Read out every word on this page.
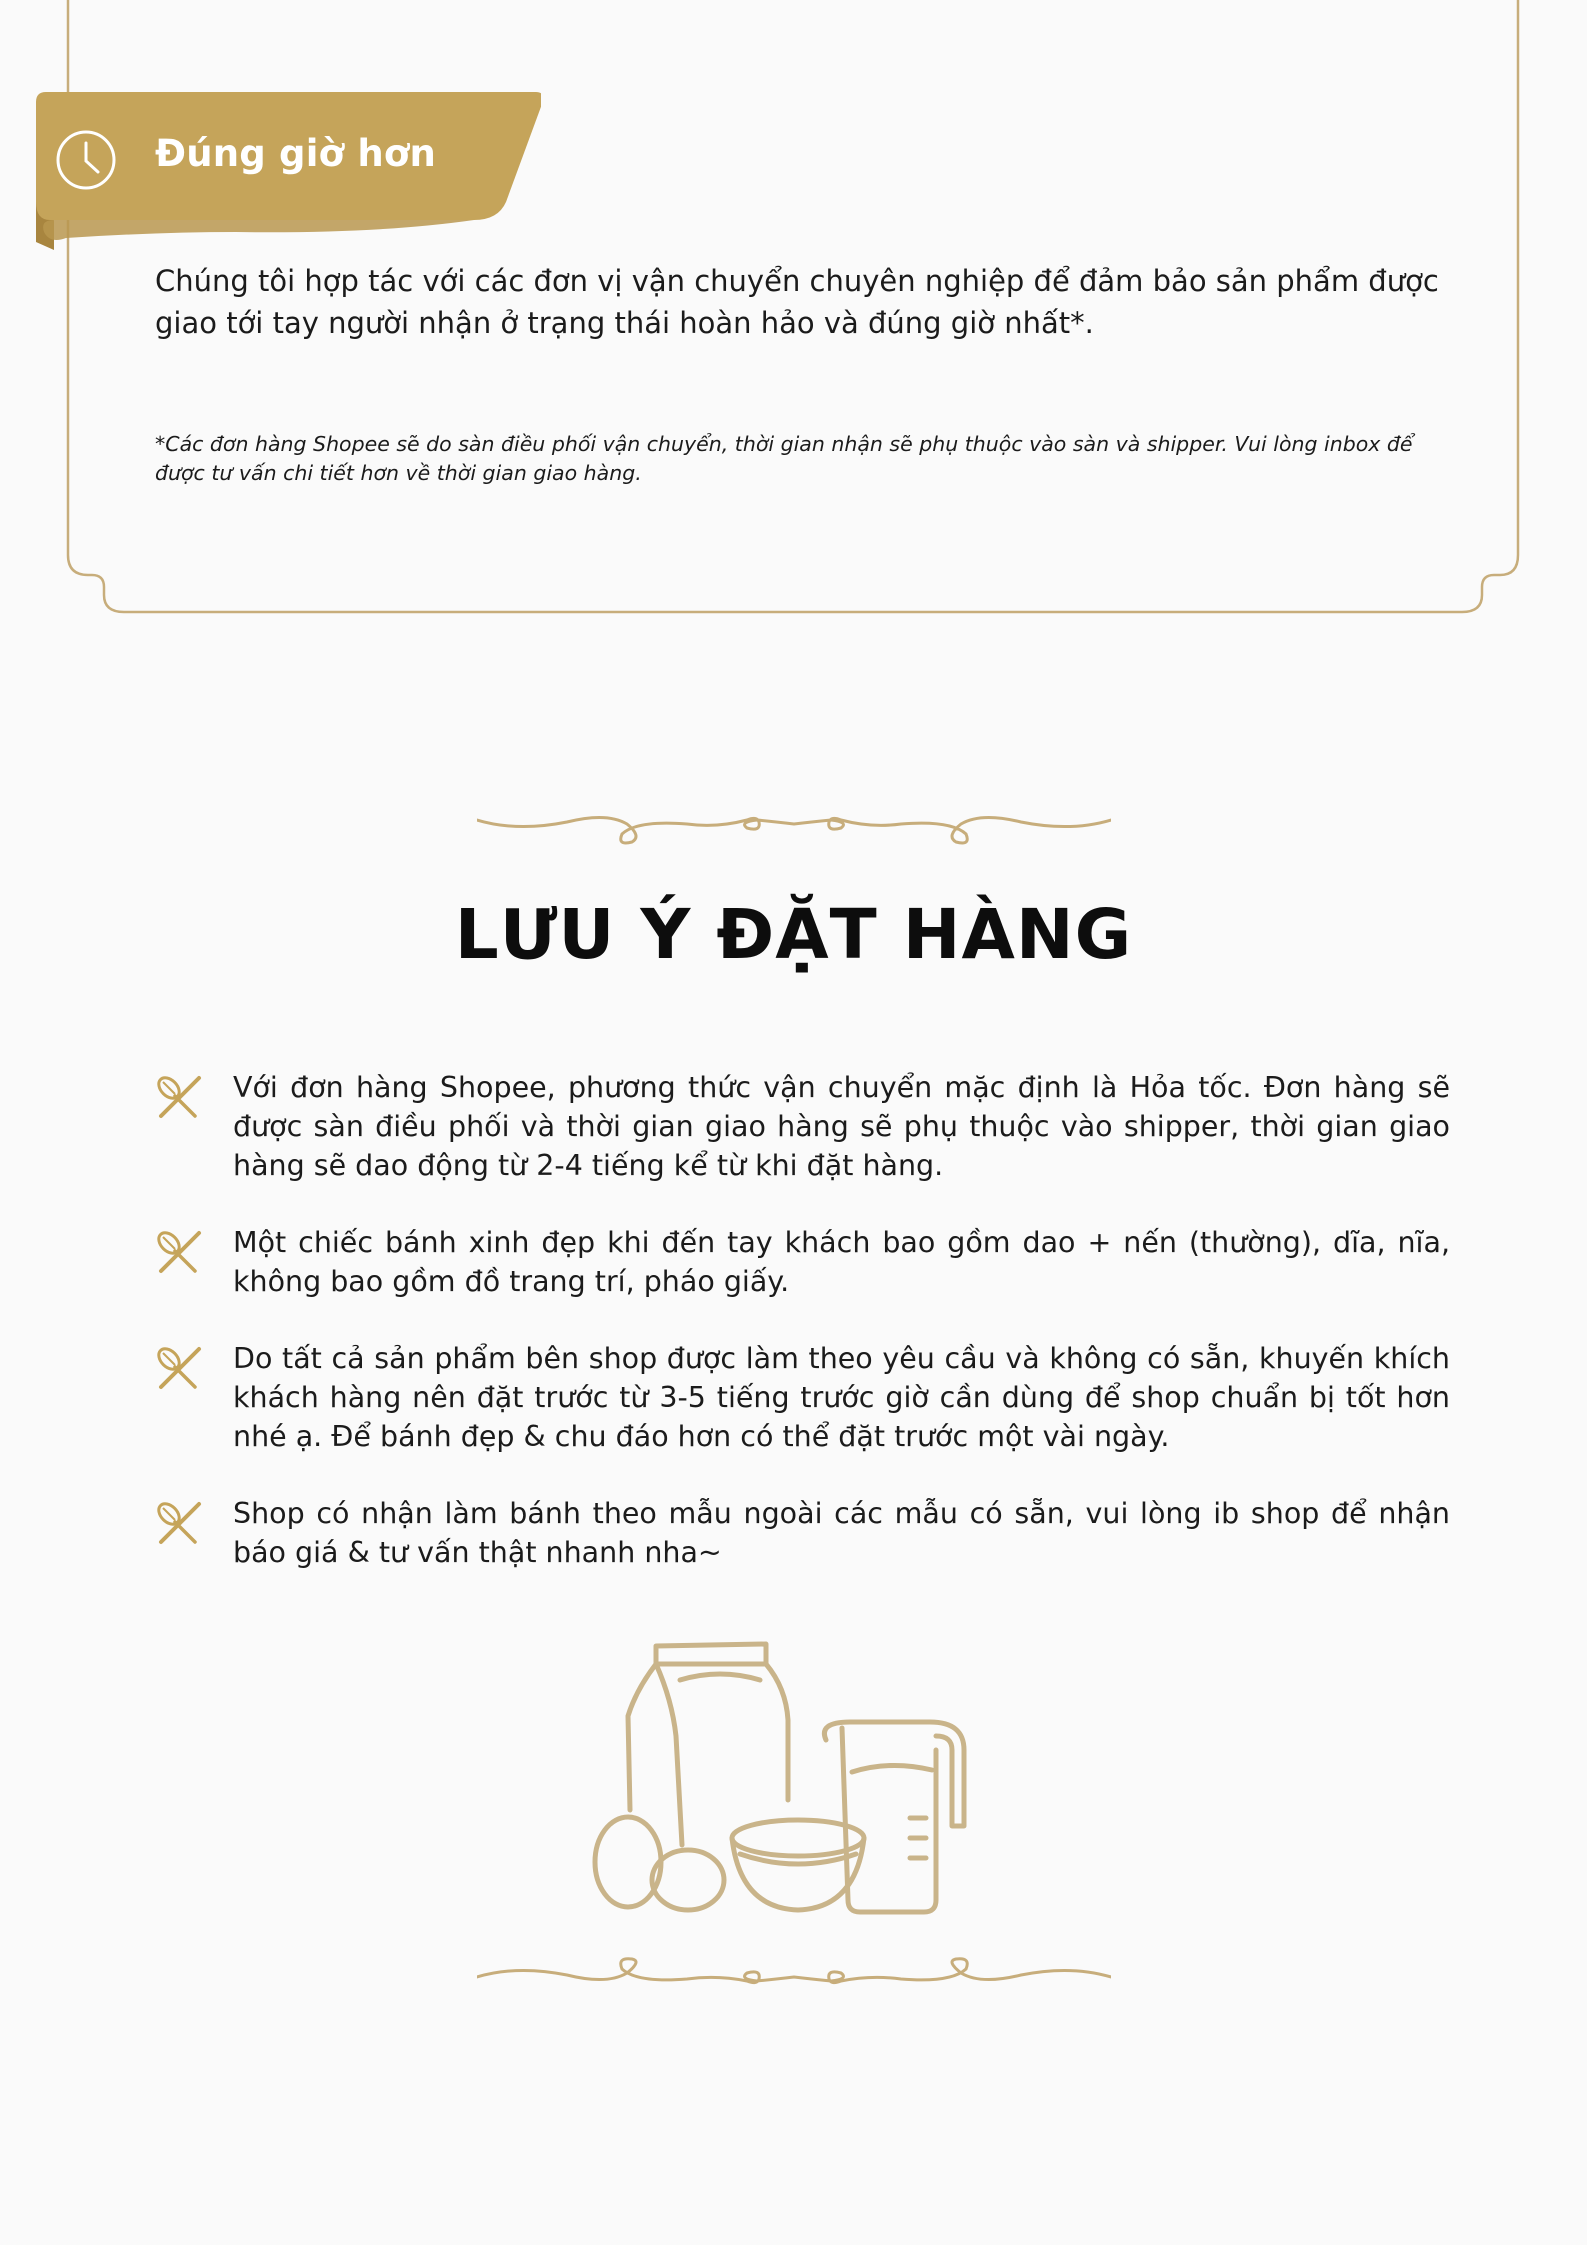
Đúng giờ hơn
Chúng tôi hợp tác với các đơn vị vận chuyển chuyên nghiệp để đảm bảo sản phẩm được giao tới tay người nhận ở trạng thái hoàn hảo và đúng giờ nhất*.
*Các đơn hàng Shopee sẽ do sàn điều phối vận chuyển, thời gian nhận sẽ phụ thuộc vào sàn và shipper. Vui lòng inbox để được tư vấn chi tiết hơn về thời gian giao hàng.
LƯU Ý ĐẶT HÀNG
Với đơn hàng Shopee, phương thức vận chuyển mặc định là Hỏa tốc. Đơn hàng sẽ được sàn điều phối và thời gian giao hàng sẽ phụ thuộc vào shipper, thời gian giao hàng sẽ dao động từ 2-4 tiếng kể từ khi đặt hàng.
Một chiếc bánh xinh đẹp khi đến tay khách bao gồm dao + nến (thường), dĩa, nĩa, không bao gồm đồ trang trí, pháo giấy.
Do tất cả sản phẩm bên shop được làm theo yêu cầu và không có sẵn, khuyến khích khách hàng nên đặt trước từ 3-5 tiếng trước giờ cần dùng để shop chuẩn bị tốt hơn nhé ạ. Để bánh đẹp & chu đáo hơn có thể đặt trước một vài ngày.
Shop có nhận làm bánh theo mẫu ngoài các mẫu có sẵn, vui lòng ib shop để nhận báo giá & tư vấn thật nhanh nha~
